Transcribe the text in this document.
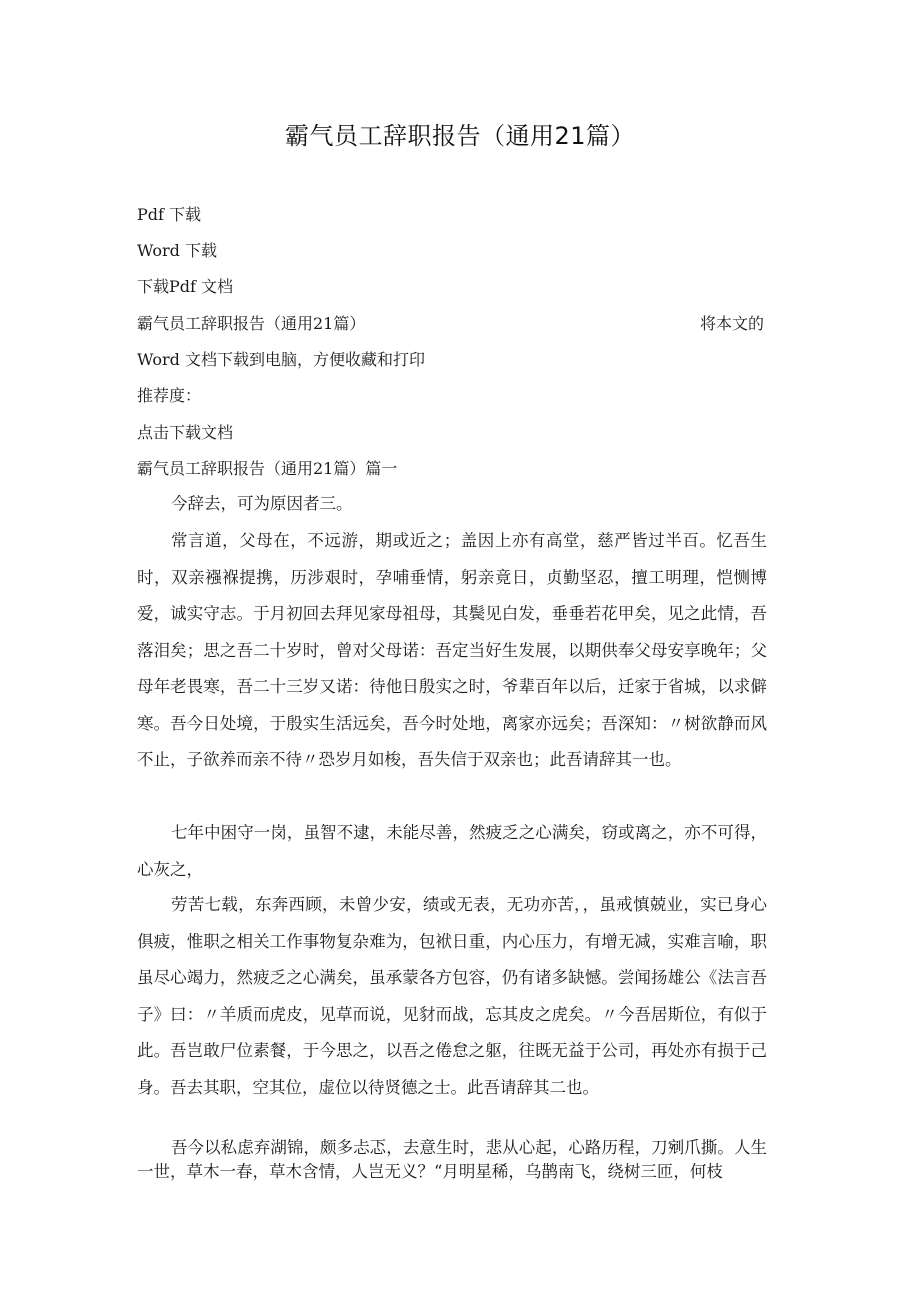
霸气员工辞职报告（通用21篇）
Pdf 下载
Word 下载
下载Pdf 文档
霸气员工辞职报告（通用21篇）	将本文的
Word 文档下载到电脑，方便收藏和打印
推荐度：
点击下载文档
霸气员工辞职报告（通用21篇）篇一

今辞去，可为原因者三。

常言道，父母在，不远游，期或近之；盖因上亦有高堂，慈严皆过半百。忆吾生时，双亲襁褓提携，历涉艰时，孕哺垂情，躬亲竟日，贞勤坚忍，擅工明理，恺恻博爱，诚实守志。于月初回去拜见家母祖母，其鬓见白发，垂垂若花甲矣，见之此情，吾落泪矣；思之吾二十岁时，曾对父母诺：吾定当好生发展，以期供奉父母安享晚年；父母年老畏寒，吾二十三岁又诺：待他日殷实之时，爷辈百年以后，迁家于省城，以求僻寒。吾今日处境，于殷实生活远矣，吾今时处地，离家亦远矣；吾深知：〃树欲静而风不止，子欲养而亲不待〃恐岁月如梭，吾失信于双亲也；此吾请辞其一也。

七年中困守一岗，虽智不逮，未能尽善，然疲乏之心满矣，窃或离之，亦不可得，心灰之，

劳苦七载，东奔西顾，未曾少安，绩或无表，无功亦苦，，虽戒慎兢业，实已身心俱疲，惟职之相关工作事物复杂难为，包袱日重，内心压力，有增无减，实难言喻，职虽尽心竭力，然疲乏之心满矣，虽承蒙各方包容，仍有诸多缺憾。尝闻扬雄公《法言吾子》曰：〃羊质而虎皮，见草而说，见豺而战，忘其皮之虎矣。〃今吾居斯位，有似于此。吾岂敢尸位素餐，于今思之，以吾之倦怠之躯，往既无益于公司，再处亦有损于己身。吾去其职，空其位，虚位以待贤德之士。此吾请辞其二也。

吾今以私虑弃湖锦，颇多忐忑，去意生时，悲从心起，心路历程，刀剜爪撕。人生一世，草木一春，草木含情，人岂无义？“月明星稀，乌鹊南飞，绕树三匝，何枝
